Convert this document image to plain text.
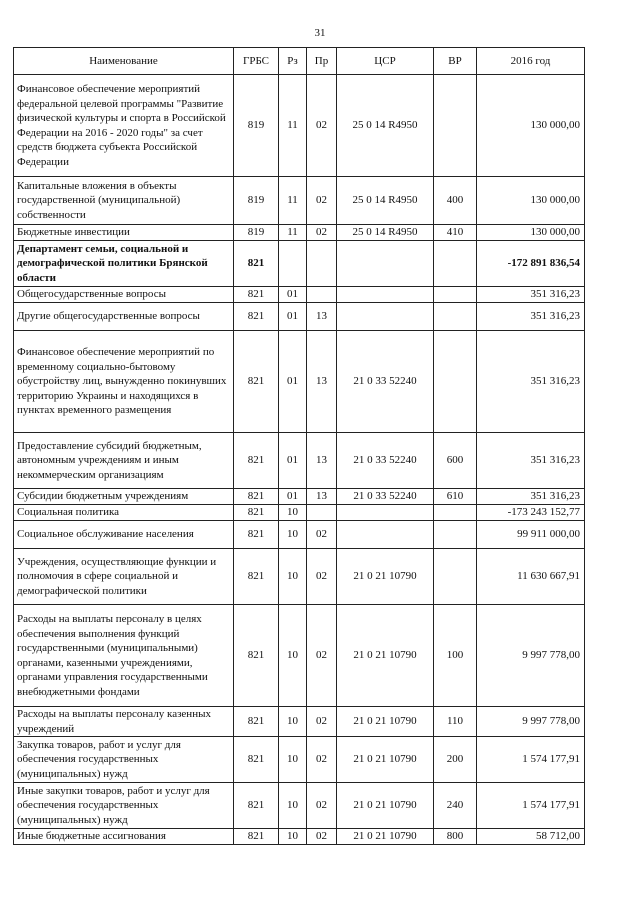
31
Наименование	ГРБС	Рз	Пр	ЦСР	ВР	2016 год
Финансовое обеспечение мероприятий федеральной целевой программы "Развитие физической культуры и спорта в Российской Федерации на 2016 - 2020 годы" за счет средств бюджета субъекта Российской Федерации	819	11	02	25 0 14 R4950		130 000,00
Капитальные вложения в объекты государственной (муниципальной) собственности	819	11	02	25 0 14 R4950	400	130 000,00
Бюджетные инвестиции	819	11	02	25 0 14 R4950	410	130 000,00
Департамент семьи, социальной и демографической политики Брянской области	821					-172 891 836,54
Общегосударственные вопросы	821	01				351 316,23
Другие общегосударственные вопросы	821	01	13			351 316,23
Финансовое обеспечение мероприятий по временному социально-бытовому обустройству лиц, вынужденно покинувших территорию Украины и находящихся в пунктах временного размещения	821	01	13	21 0 33 52240		351 316,23
Предоставление субсидий бюджетным, автономным учреждениям и иным некоммерческим организациям	821	01	13	21 0 33 52240	600	351 316,23
Субсидии бюджетным учреждениям	821	01	13	21 0 33 52240	610	351 316,23
Социальная политика	821	10				-173 243 152,77
Социальное обслуживание населения	821	10	02			99 911 000,00
Учреждения, осуществляющие функции и полномочия в сфере социальной и демографической политики	821	10	02	21 0 21 10790		11 630 667,91
Расходы на выплаты персоналу в целях обеспечения выполнения функций государственными (муниципальными) органами, казенными учреждениями, органами управления государственными внебюджетными фондами	821	10	02	21 0 21 10790	100	9 997 778,00
Расходы на выплаты персоналу казенных учреждений	821	10	02	21 0 21 10790	110	9 997 778,00
Закупка товаров, работ и услуг для обеспечения государственных (муниципальных) нужд	821	10	02	21 0 21 10790	200	1 574 177,91
Иные закупки товаров, работ и услуг для обеспечения государственных (муниципальных) нужд	821	10	02	21 0 21 10790	240	1 574 177,91
Иные бюджетные ассигнования	821	10	02	21 0 21 10790	800	58 712,00
